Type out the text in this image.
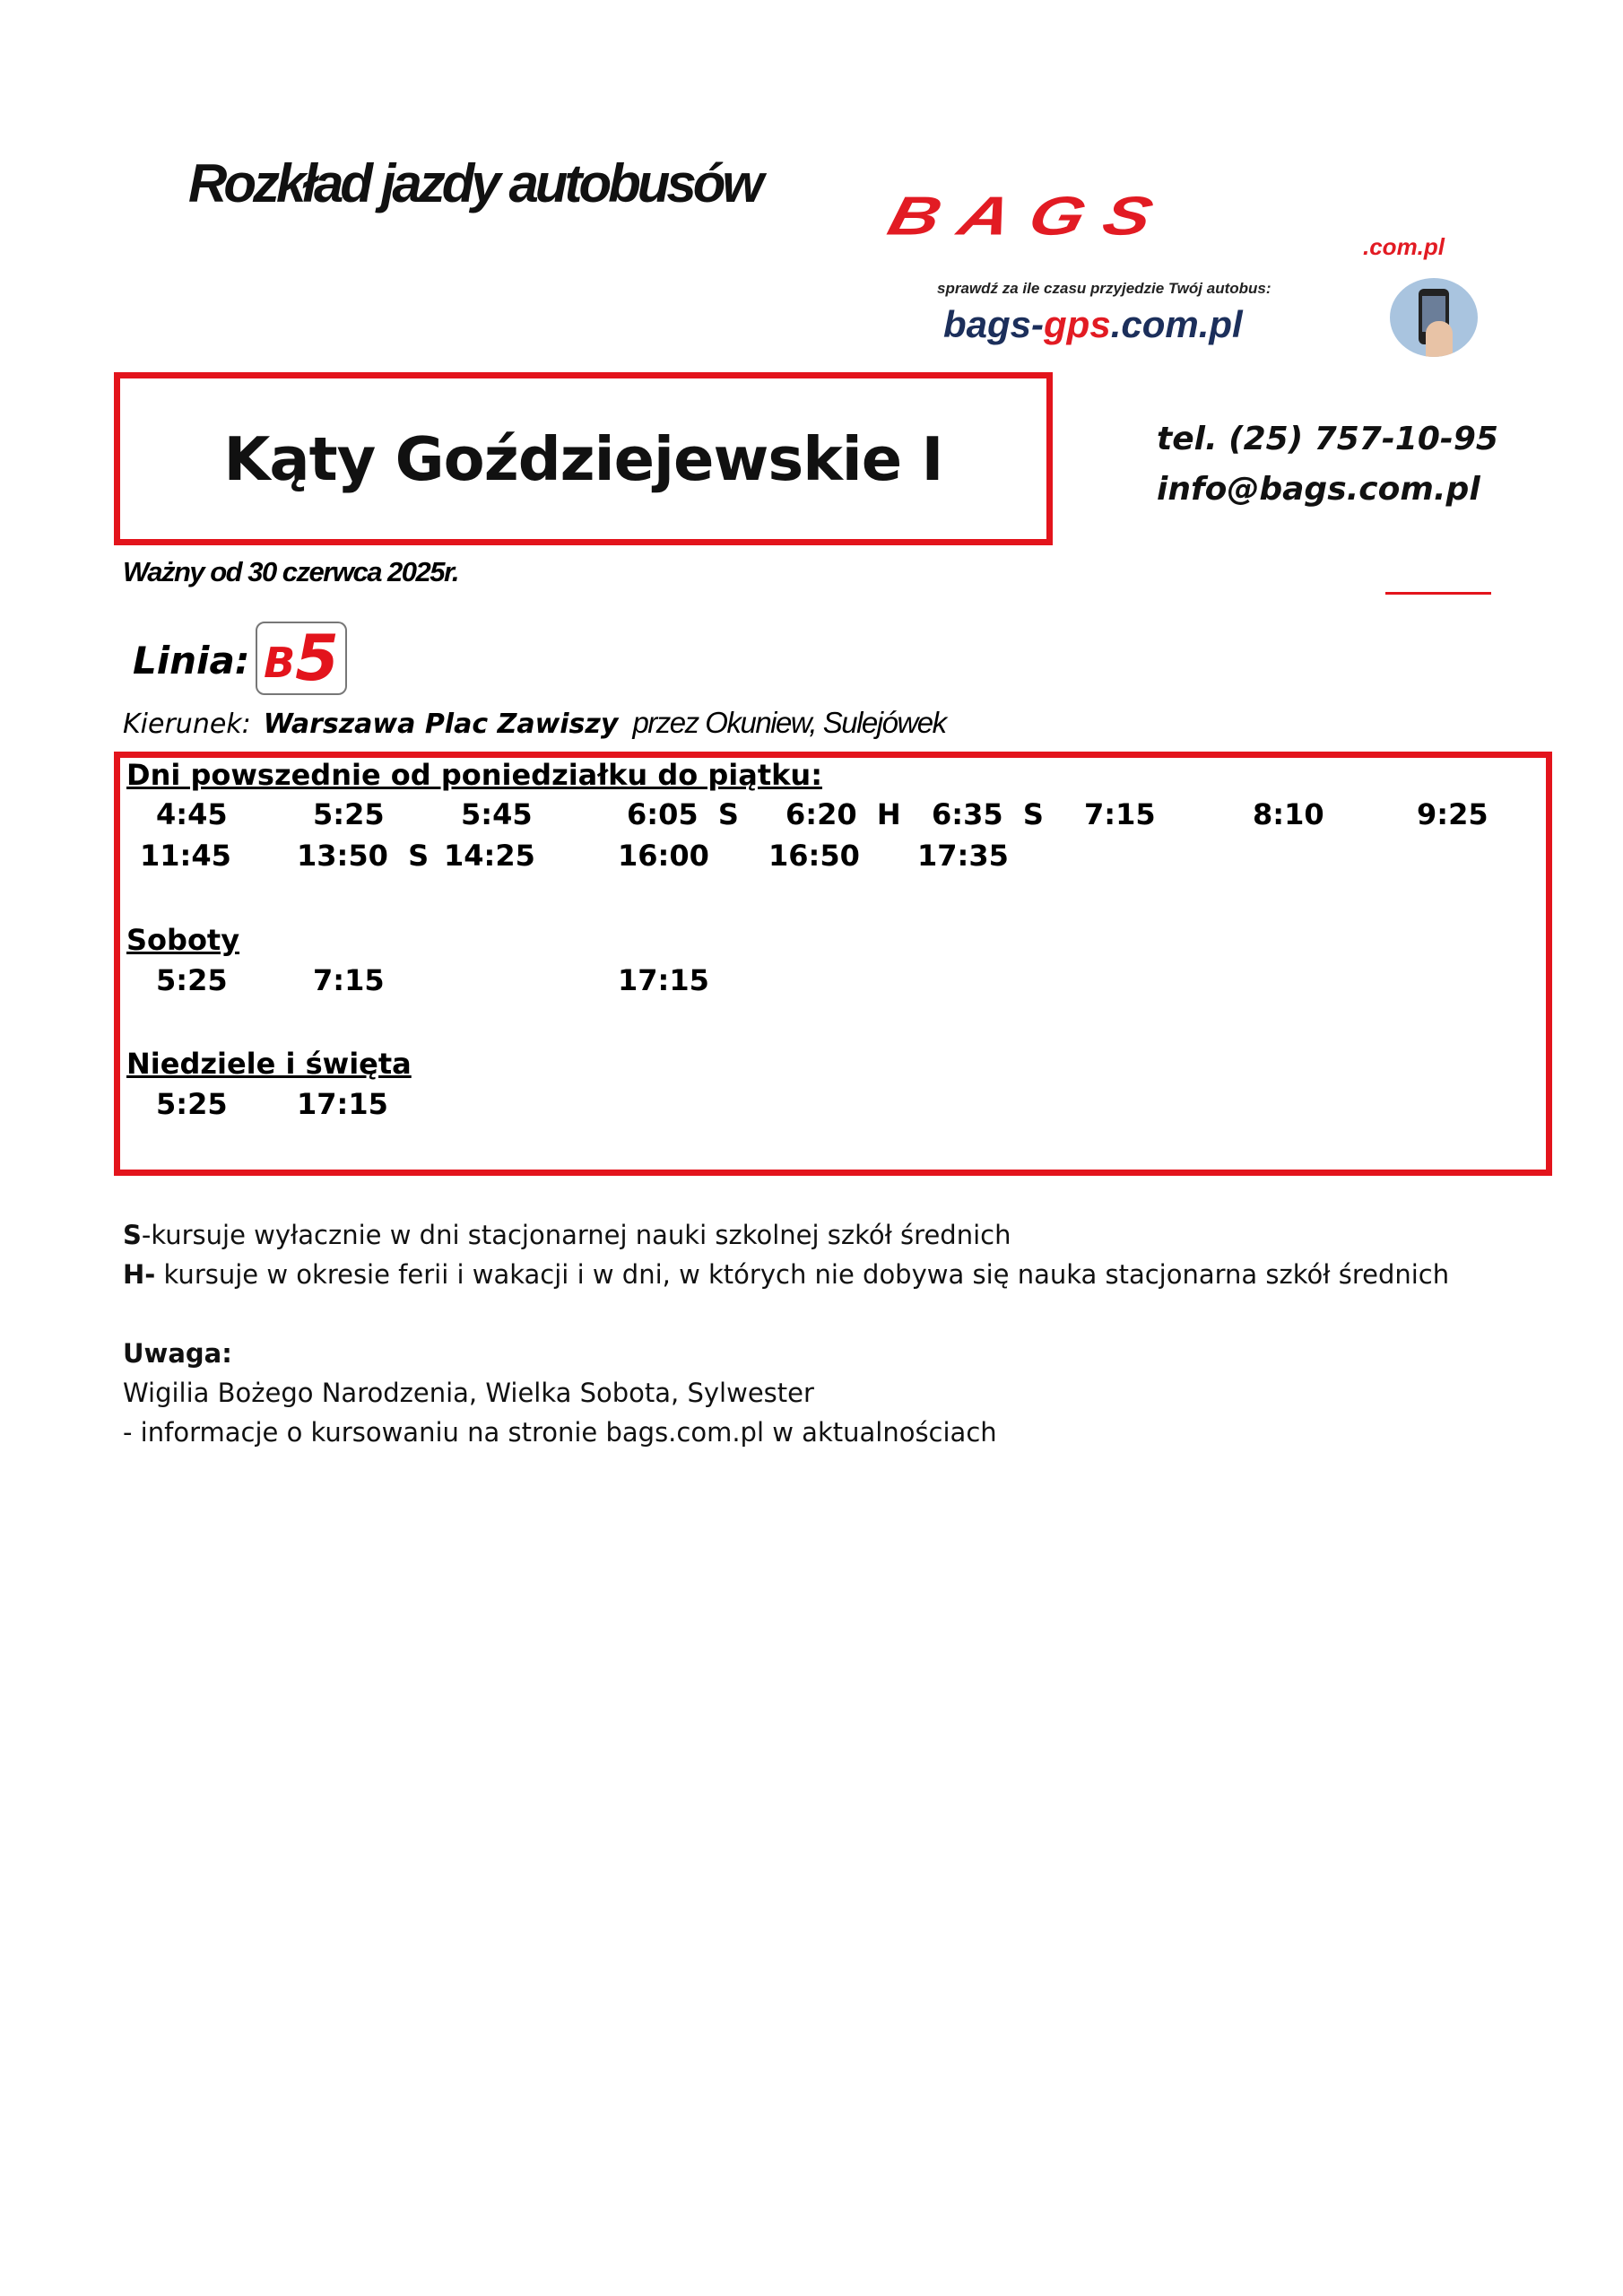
Rozkład jazdy autobusów
BAGS
.com.pl
sprawdź za ile czasu przyjedzie Twój autobus:
bags-gps.com.pl
Kąty Goździejewskie I	tel. (25) 757-10-95
info@bags.com.pl
Ważny od 30 czerwca 2025r.
Linia: B 5
Kierunek: Warszawa Plac Zawiszy przez Okuniew, Sulejówek
Dni powszednie od poniedziałku do piątku:
4:45	5:25	5:45	6:05  S 6:20  H 6:35  S 7:15	8:10	9:25
11:45 13:50  S 14:25	16:00 16:50 17:35
Soboty
5:25	7:15	17:15
Niedziele i święta
5:25 17:15
S-kursuje wyłacznie w dni stacjonarnej nauki szkolnej szkół średnich
H- kursuje w okresie ferii i wakacji i w dni, w których nie dobywa się nauka stacjonarna szkół średnich
Uwaga:
Wigilia Bożego Narodzenia, Wielka Sobota, Sylwester
- informacje o kursowaniu na stronie bags.com.pl w aktualnościach
